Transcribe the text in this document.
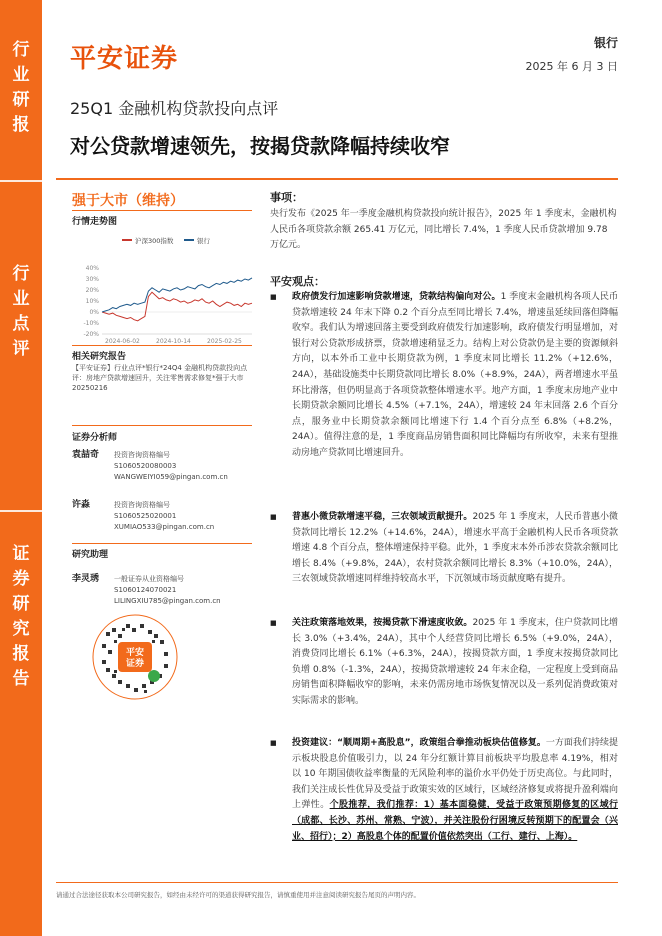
行
业
研
报
行
业
点
评
证
券
研
究
报
告
平安证券
银行
2025 年 6 月 3 日
25Q1 金融机构贷款投向点评
对公贷款增速领先，按揭贷款降幅持续收窄
强于大市（维持）
行情走势图
沪深300指数	银行
40%
30%
20%
10%
0%
-10%
-20%
2024-06-02	2024-10-14	2025-02-25
相关研究报告
【平安证券】行业点评*银行*24Q4 金融机构贷款投向点评：房地产贷款增速回升，关注零售需求修复*强于大市 20250216
证券分析师
袁喆奇	投资咨询资格编号
S1060520080003
WANGWEIYI059@pingan.com.cn
许淼	投资咨询资格编号
S1060525020001
XUMIAO533@pingan.com.cn
研究助理
李灵琇	一般证券从业资格编号
S1060124070021
LILINGXIU785@pingan.com.cn
平安
证券
事项：
央行发布《2025 年一季度金融机构贷款投向统计报告》，2025 年 1 季度末，金融机构人民币各项贷款余额 265.41 万亿元，同比增长 7.4%，1 季度人民币贷款增加 9.78 万亿元。
平安观点：
■	政府债发行加速影响贷款增速，贷款结构偏向对公。1 季度末金融机构各项人民币贷款增速较 24 年末下降 0.2 个百分点至同比增长 7.4%，增速虽延续回落但降幅收窄。我们认为增速回落主要受到政府债发行加速影响，政府债发行明显增加，对银行对公贷款形成挤票，贷款增速稍显乏力。结构上对公贷款仍是主要的资源倾斜方向，以本外币工业中长期贷款为例，1 季度末同比增长 11.2%（+12.6%，24A），基础设施类中长期贷款同比增长 8.0%（+8.9%，24A），两者增速水平虽环比滑落，但仍明显高于各项贷款整体增速水平。地产方面，1 季度末房地产业中长期贷款余额同比增长 4.5%（+7.1%，24A），增速较 24 年末回落 2.6 个百分点，服务业中长期贷款余额同比增速下行 1.4 个百分点至 6.8%（+8.2%，24A）。值得注意的是，1 季度商品房销售面积同比降幅均有所收窄，未来有望推动房地产贷款同比增速回升。
■	普惠小微贷款增速平稳，三农领域贡献提升。2025 年 1 季度末，人民币普惠小微贷款同比增长 12.2%（+14.6%，24A），增速水平高于金融机构人民币各项贷款增速 4.8 个百分点，整体增速保持平稳。此外，1 季度末本外币涉农贷款余额同比增长 8.4%（+9.8%，24A），农村贷款余额同比增长 8.3%（+10.0%，24A），三农领域贷款增速同样维持较高水平，下沉领域市场贡献度略有提升。
■	关注政策落地效果，按揭贷款下滑速度收敛。2025 年 1 季度末，住户贷款同比增长 3.0%（+3.4%，24A），其中个人经营贷同比增长 6.5%（+9.0%，24A），消费贷同比增长 6.1%（+6.3%，24A），按揭贷款方面，1 季度末按揭贷款同比负增 0.8%（-1.3%，24A），按揭贷款增速较 24 年末企稳，一定程度上受到商品房销售面积降幅收窄的影响，未来仍需房地市场恢复情况以及一系列促消费政策对实际需求的影响。
■	投资建议：“顺周期+高股息”，政策组合拳推动板块估值修复。一方面我们持续提示板块股息价值吸引力，以 24 年分红额计算目前板块平均股息率 4.19%，相对以 10 年期国债收益率衡量的无风险利率的溢价水平仍处于历史高位。与此同时，我们关注成长性优异及受益于政策实效的区域行，区域经济修复或将提升盈利端向上弹性。个股推荐，我们推荐：1）基本面稳健，受益于政策预期修复的区域行（成都、长沙、苏州、常熟、宁波），并关注股份行困境反转预期下的配置会（兴业、招行）；2）高股息个体的配置价值依然突出（工行、建行、上海）。
请通过合法途径获取本公司研究报告，如经由未经许可的渠道获得研究报告，请慎重使用并注意阅读研究报告尾页的声明内容。
